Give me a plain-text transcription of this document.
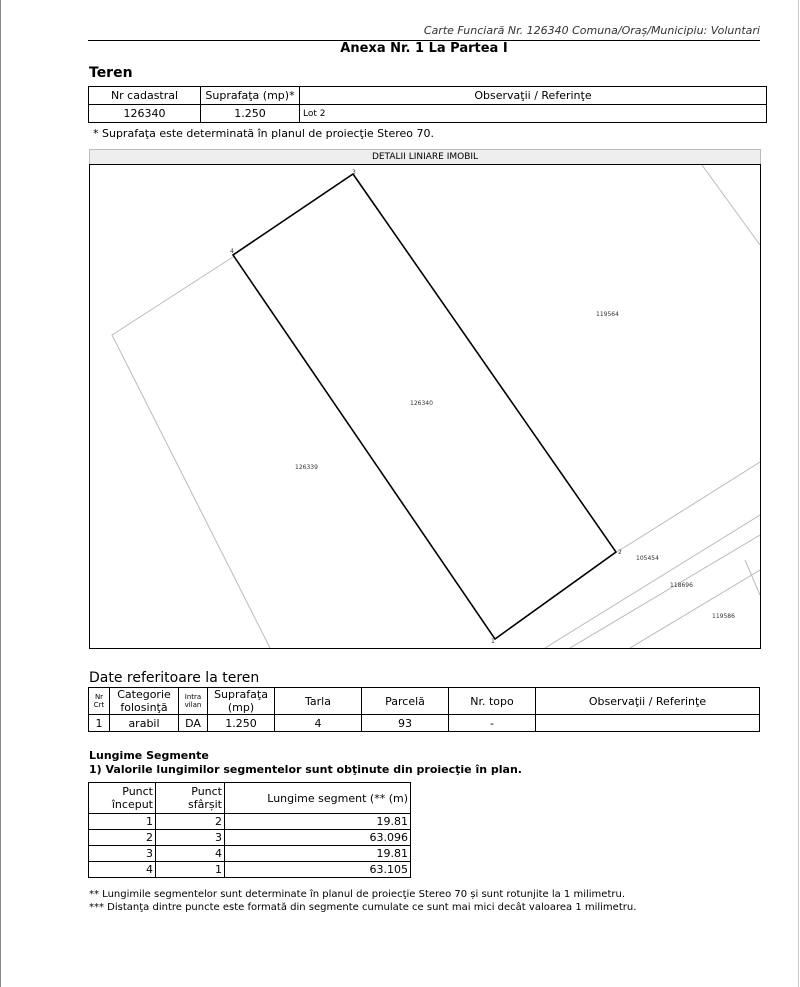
Carte Funciară Nr. 126340 Comuna/Oraș/Municipiu: Voluntari
Anexa Nr. 1 La Partea I
Teren
Nr cadastral	Suprafaţa (mp)*	Observaţii / Referinţe
126340	1.250	Lot 2
* Suprafaţa este determinată în planul de proiecţie Stereo 70.
DETALII LINIARE IMOBIL
126340
126339
119564
105454
118696
119586
1
2
3
4
Date referitoare la teren
Nr Crt	Categorie folosinţă	Intra vilan	Suprafaţa (mp)	Tarla	Parcelă	Nr. topo	Observaţii / Referinţe
1	arabil	DA	1.250	4	93	-	
Lungime Segmente
1) Valorile lungimilor segmentelor sunt obţinute din proiecţie în plan.
Punct început	Punct sfârșit	Lungime segment (** (m)
1	2	19.81
2	3	63.096
3	4	19.81
4	1	63.105
** Lungimile segmentelor sunt determinate în planul de proiecţie Stereo 70 și sunt rotunjite la 1 milimetru.
*** Distanţa dintre puncte este formată din segmente cumulate ce sunt mai mici decât valoarea 1 milimetru.
